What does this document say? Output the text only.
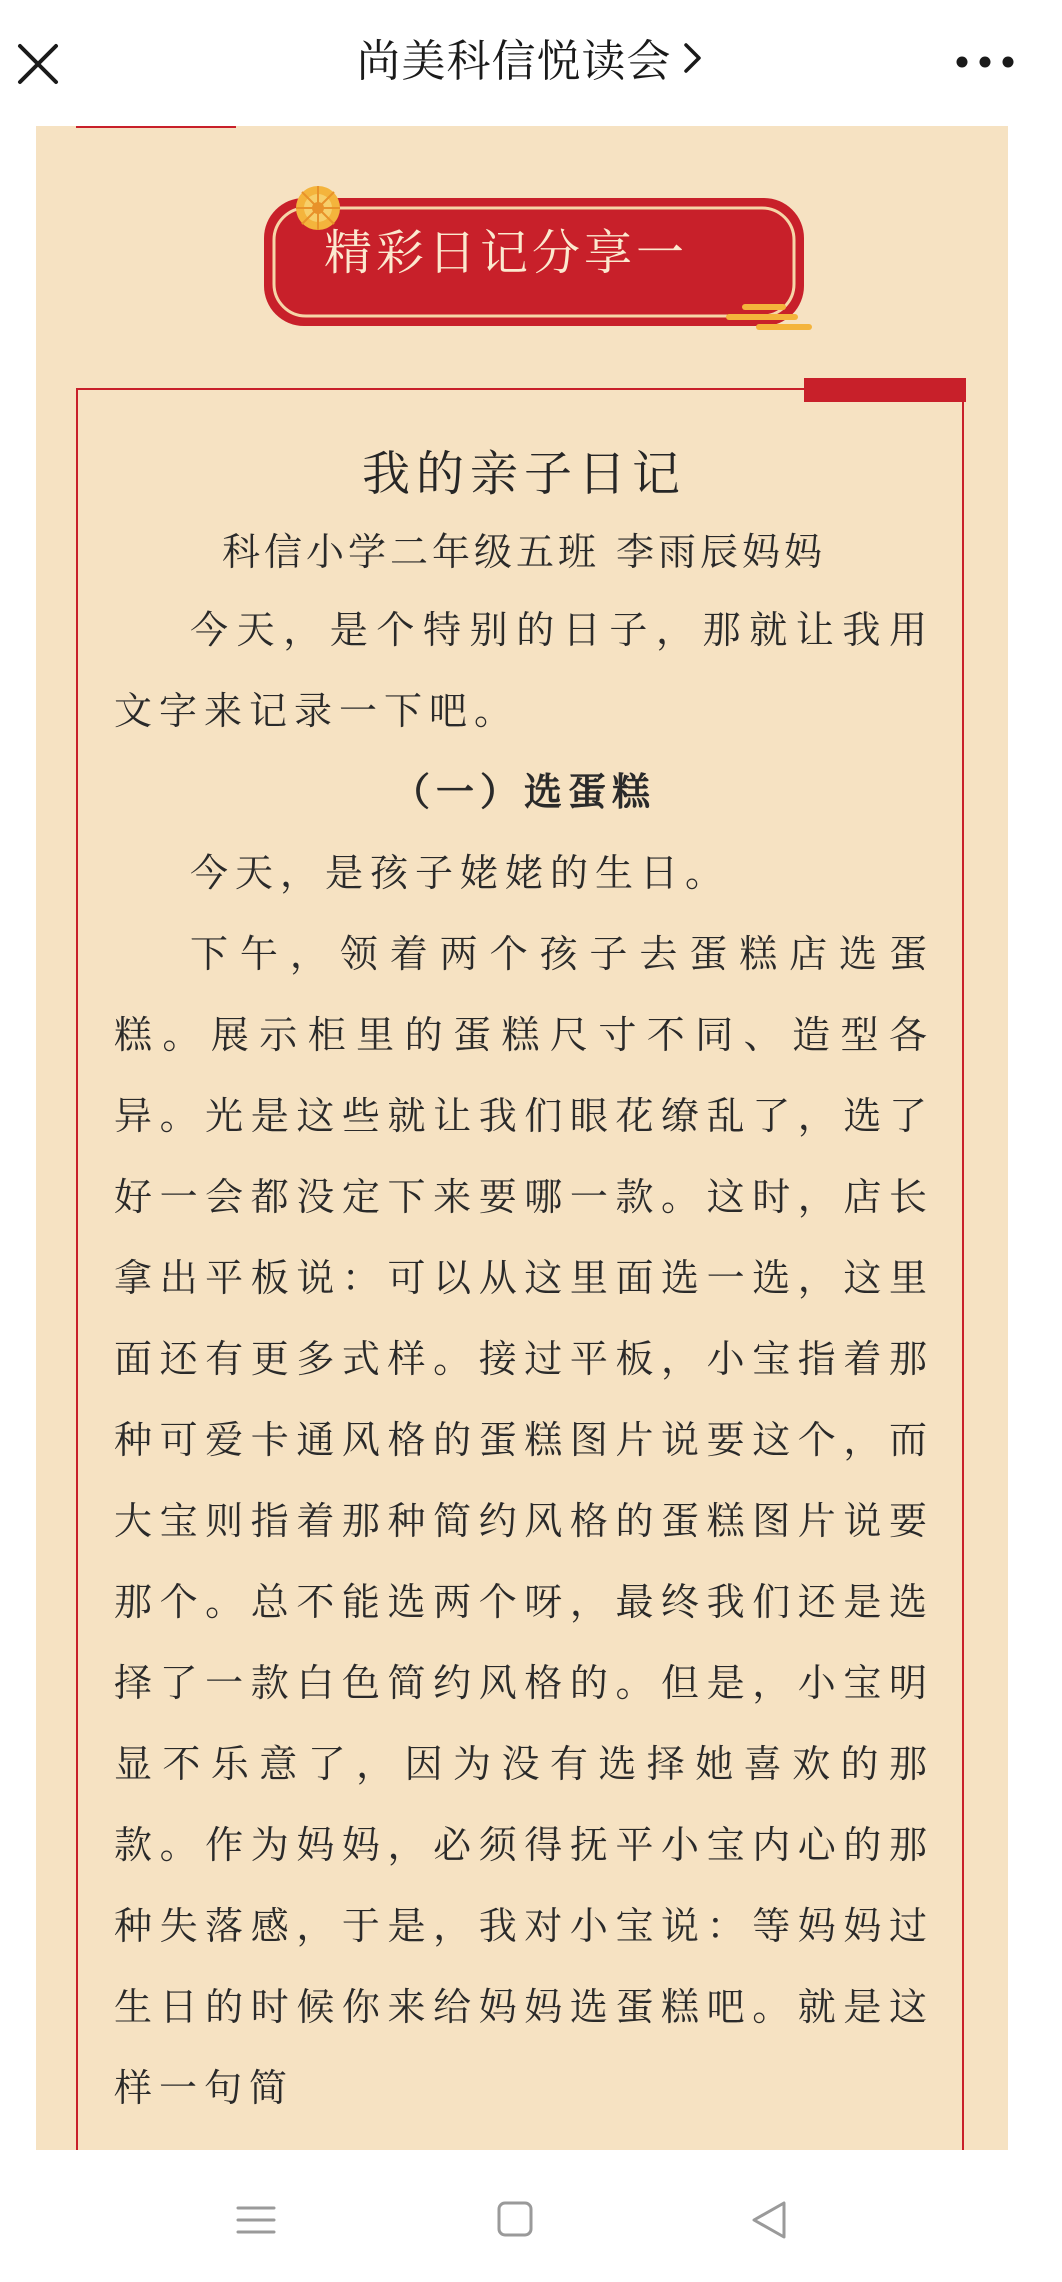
尚美科信悦读会
精彩日记分享一
我的亲子日记
科信小学二年级五班 李雨辰妈妈

今天，是个特别的日子，那就让我用文字来记录一下吧。

（一）选蛋糕

今天，是孩子姥姥的生日。

下午，领着两个孩子去蛋糕店选蛋糕。展示柜里的蛋糕尺寸不同、造型各异。光是这些就让我们眼花缭乱了，选了好一会都没定下来要哪一款。这时，店长拿出平板说：可以从这里面选一选，这里面还有更多式样。接过平板，小宝指着那种可爱卡通风格的蛋糕图片说要这个，而大宝则指着那种简约风格的蛋糕图片说要那个。总不能选两个呀，最终我们还是选择了一款白色简约风格的。但是，小宝明显不乐意了，因为没有选择她喜欢的那款。作为妈妈，必须得抚平小宝内心的那种失落感，于是，我对小宝说：等妈妈过生日的时候你来给妈妈选蛋糕吧。就是这样一句简
